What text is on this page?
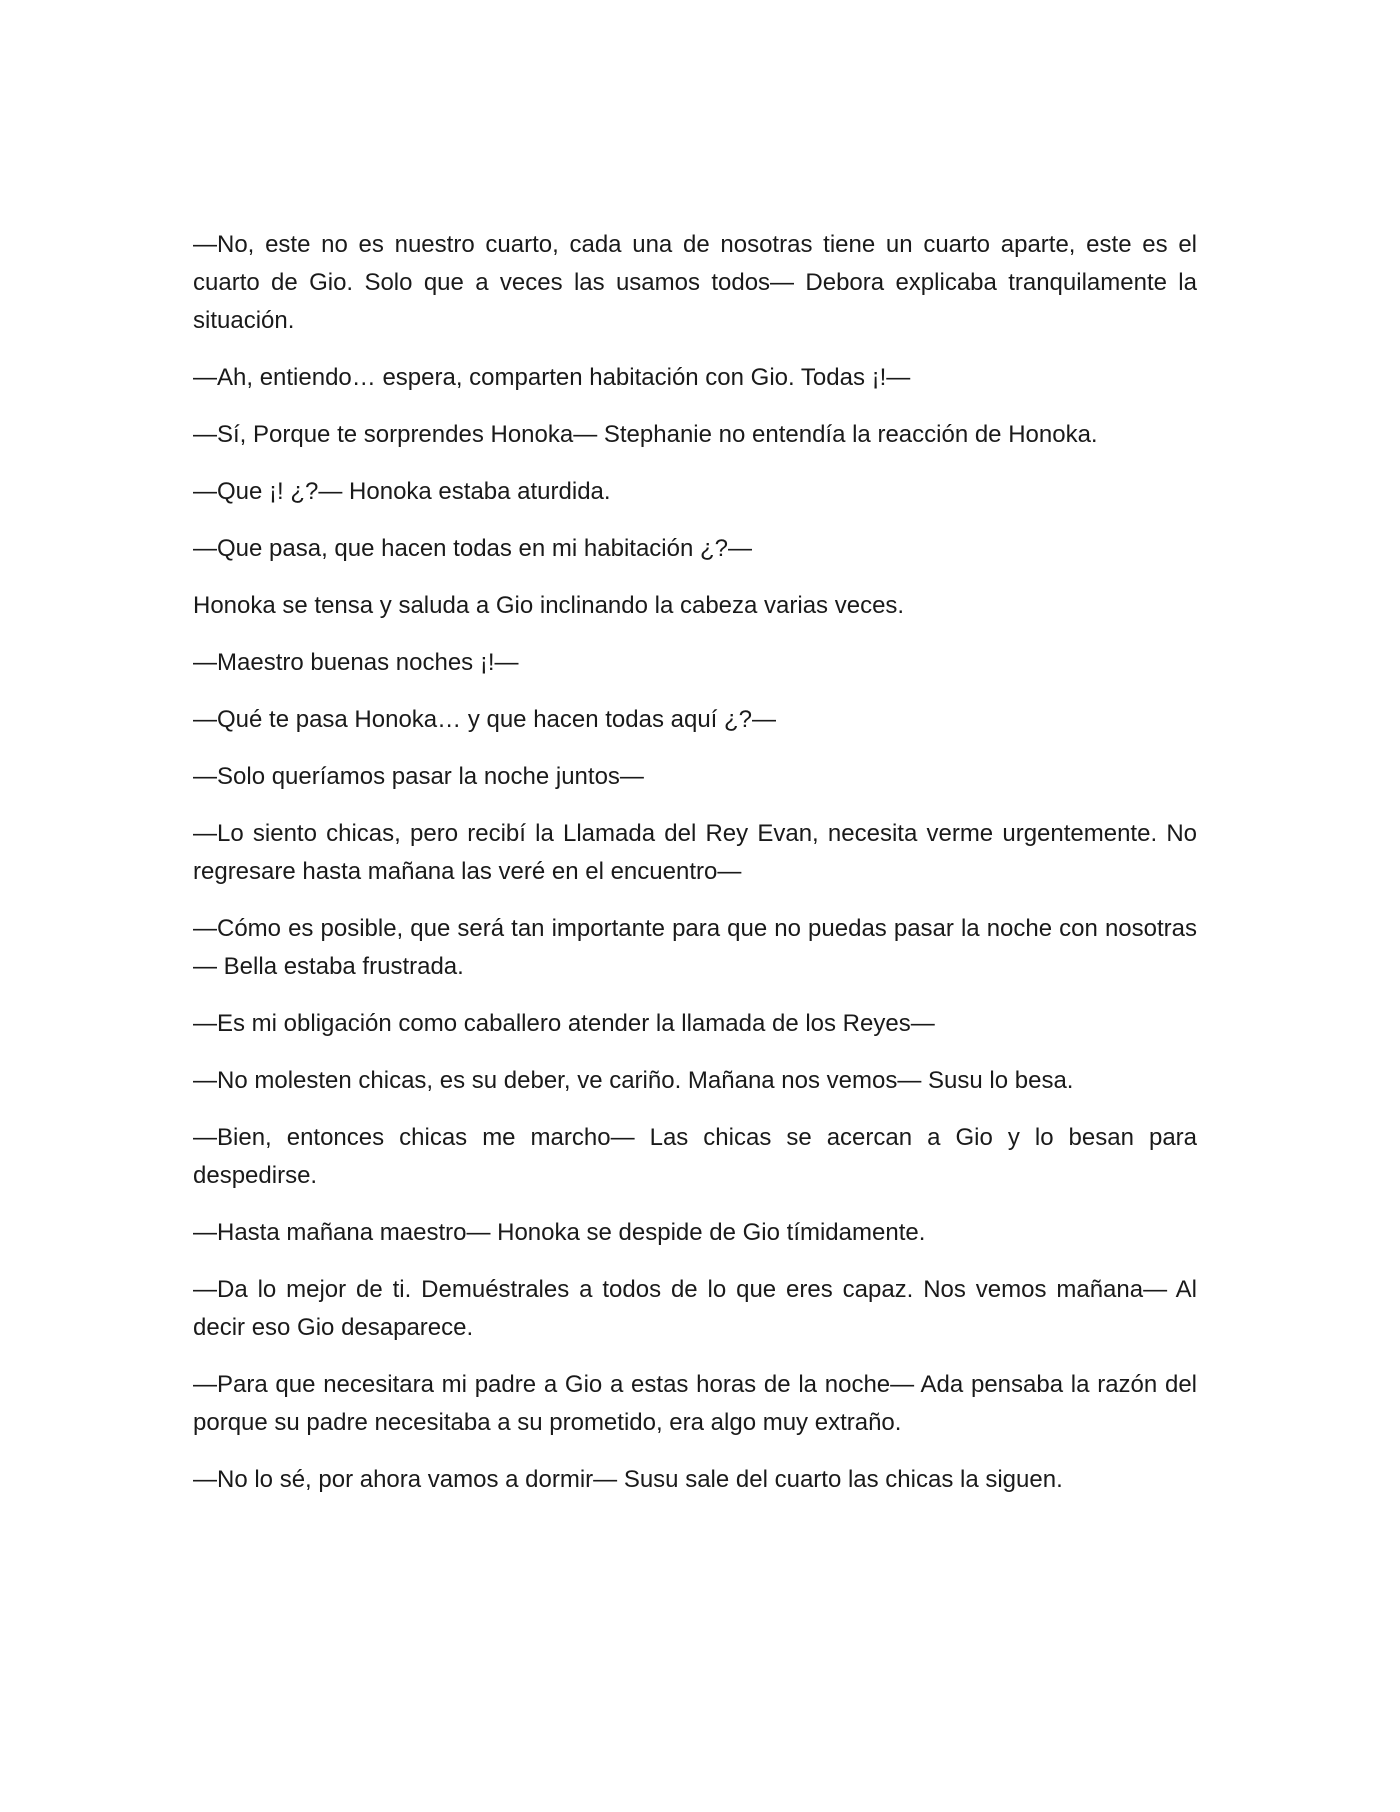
—No, este no es nuestro cuarto, cada una de nosotras tiene un cuarto aparte, este es el cuarto de Gio. Solo que a veces las usamos todos— Debora explicaba tranquilamente la situación.

—Ah, entiendo… espera, comparten habitación con Gio. Todas ¡!—

—Sí, Porque te sorprendes Honoka— Stephanie no entendía la reacción de Honoka.

—Que ¡! ¿?— Honoka estaba aturdida.

—Que pasa, que hacen todas en mi habitación ¿?—

Honoka se tensa y saluda a Gio inclinando la cabeza varias veces.

—Maestro buenas noches ¡!—

—Qué te pasa Honoka… y que hacen todas aquí ¿?—

—Solo queríamos pasar la noche juntos—

—Lo siento chicas, pero recibí la Llamada del Rey Evan, necesita verme urgentemente. No regresare hasta mañana las veré en el encuentro—

—Cómo es posible, que será tan importante para que no puedas pasar la noche con nosotras— Bella estaba frustrada.

—Es mi obligación como caballero atender la llamada de los Reyes—

—No molesten chicas, es su deber, ve cariño. Mañana nos vemos— Susu lo besa.

—Bien, entonces chicas me marcho— Las chicas se acercan a Gio y lo besan para despedirse.

—Hasta mañana maestro— Honoka se despide de Gio tímidamente.

—Da lo mejor de ti. Demuéstrales a todos de lo que eres capaz. Nos vemos mañana— Al decir eso Gio desaparece.

—Para que necesitara mi padre a Gio a estas horas de la noche— Ada pensaba la razón del porque su padre necesitaba a su prometido, era algo muy extraño.

—No lo sé, por ahora vamos a dormir— Susu sale del cuarto las chicas la siguen.
